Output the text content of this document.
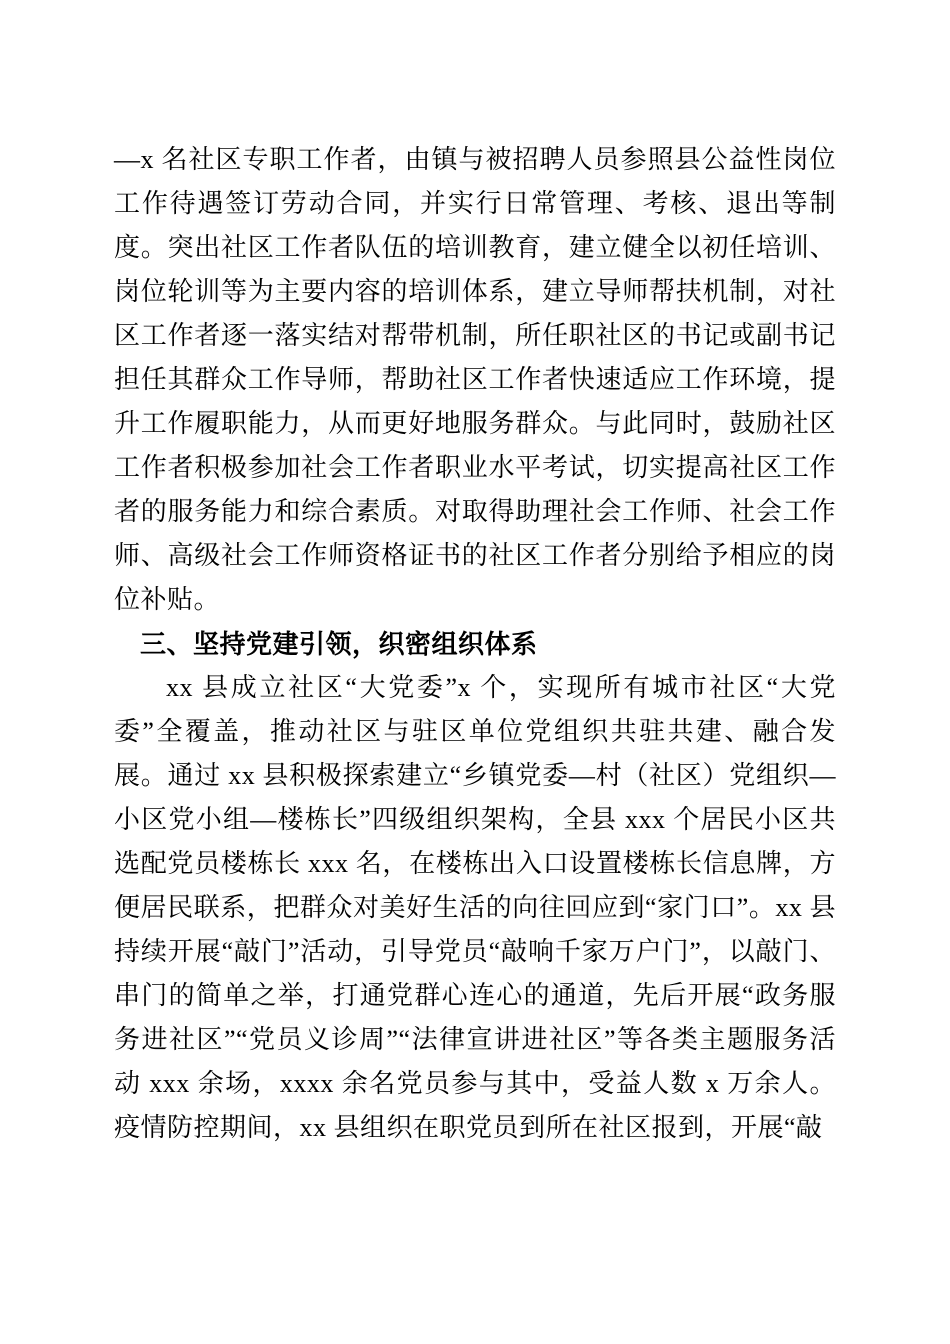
—x 名社区专职工作者，由镇与被招聘人员参照县公益性岗位工作待遇签订劳动合同，并实行日常管理、考核、退出等制度。突出社区工作者队伍的培训教育，建立健全以初任培训、岗位轮训等为主要内容的培训体系，建立导师帮扶机制，对社区工作者逐一落实结对帮带机制，所任职社区的书记或副书记担任其群众工作导师，帮助社区工作者快速适应工作环境，提升工作履职能力，从而更好地服务群众。与此同时，鼓励社区工作者积极参加社会工作者职业水平考试，切实提高社区工作者的服务能力和综合素质。对取得助理社会工作师、社会工作师、高级社会工作师资格证书的社区工作者分别给予相应的岗位补贴。

三、坚持党建引领，织密组织体系

xx 县成立社区“大党委”x 个，实现所有城市社区“大党委”全覆盖，推动社区与驻区单位党组织共驻共建、融合发展。通过 xx 县积极探索建立“乡镇党委—村（社区）党组织—小区党小组—楼栋长”四级组织架构，全县 xxx 个居民小区共选配党员楼栋长 xxx 名，在楼栋出入口设置楼栋长信息牌，方便居民联系，把群众对美好生活的向往回应到“家门口”。xx 县持续开展“敲门”活动，引导党员“敲响千家万户门”，以敲门、串门的简单之举，打通党群心连心的通道，先后开展“政务服务进社区”“党员义诊周”“法律宣讲进社区”等各类主题服务活动 xxx 余场，xxxx 余名党员参与其中，受益人数 x 万余人。疫情防控期间，xx 县组织在职党员到所在社区报到，开展“敲
